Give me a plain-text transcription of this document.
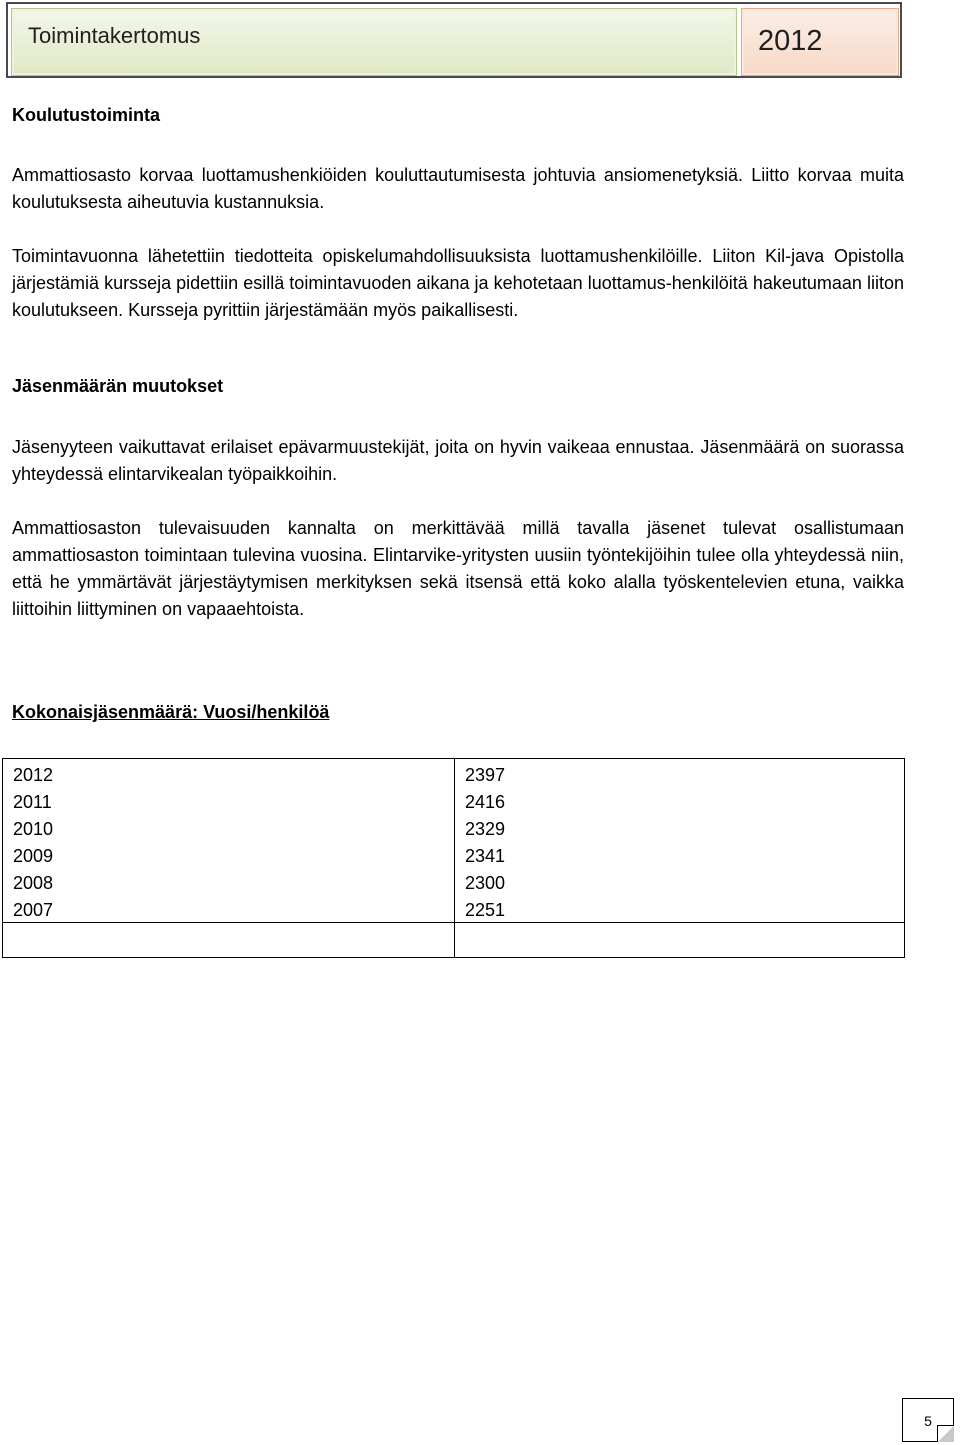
Toimintakertomus	2012
Koulutustoiminta

Ammattiosasto korvaa luottamushenkiöiden kouluttautumisesta johtuvia ansiomenetyksiä. Liitto korvaa muita koulutuksesta aiheutuvia kustannuksia.

Toimintavuonna lähetettiin tiedotteita opiskelumahdollisuuksista luottamushenkilöille. Liiton Kil-java Opistolla järjestämiä kursseja pidettiin esillä toimintavuoden aikana ja kehotetaan luottamus-henkilöitä hakeutumaan liiton koulutukseen. Kursseja pyrittiin järjestämään myös paikallisesti.

Jäsenmäärän muutokset

Jäsenyyteen vaikuttavat erilaiset epävarmuustekijät, joita on hyvin vaikeaa ennustaa. Jäsenmäärä on suorassa yhteydessä elintarvikealan työpaikkoihin.

Ammattiosaston tulevaisuuden kannalta on merkittävää millä tavalla jäsenet tulevat osallistumaan ammattiosaston toimintaan tulevina vuosina. Elintarvike-yritysten uusiin työntekijöihin tulee olla yhteydessä niin, että he ymmärtävät järjestäytymisen merkityksen sekä itsensä että koko alalla työskentelevien etuna, vaikka liittoihin liittyminen on vapaaehtoista.

Kokonaisjäsenmäärä: Vuosi/henkilöä
2012	2397
2011	2416
2010	2329
2009	2341
2008	2300
2007	2251

5
